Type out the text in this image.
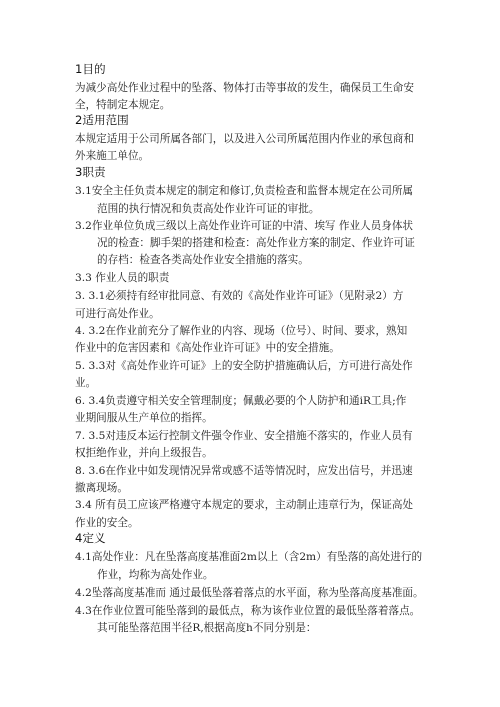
1目的
为减少高处作业过程中的坠落、物体打击等事故的发生，确保员工生命安
全，特制定本规定。
2适用范围
本规定适用于公司所属各部门，以及进入公司所属范围内作业的承包商和
外来施工单位。
3职责
3.1安全主任负责本规定的制定和修订,负责检查和监督本规定在公司所属
范围的执行情况和负责高处作业许可证的审批。
3.2作业单位负成三级以上高处作业许可证的中清、埃写 作业人员身体状
况的检查：脚手架的搭建和检查：高处作业方案的制定、作业许可证
的存档：检查各类高处作业安全措施的落实。
3.3 作业人员的职责
3. 3.1必须持有经审批同意、有效的《高处作业许可证》（见附录2）方
可进行高处作业。
4. 3.2在作业前充分了解作业的内容、现场（位号）、时间、要求，熟知
作业中的危害因素和《高处作业许可证》中的安全措施。
5. 3.3对《高处作业许可证》上的安全防护措施确认后，方可进行高处作
业。
6. 3.4负责遵守相关安全管理制度；佩戴必要的个人防护和通iR工具;作
业期间服从生产单位的指挥。
7. 3.5对违反本运行控制文件强令作业、安全措施不落实的，作业人员有
权拒绝作业，并向上级报告。
8. 3.6在作业中如发现情况异常或感不适等情况时，应发出信号，并迅速
撤离现场。
3.4 所有员工应该严格遵守本规定的要求，主动制止违章行为，保证高处
作业的安全。
4定义
4.1高处作业：凡在坠落高度基准面2m以上（含2m）有坠落的高处进行的
作业，均称为高处作业。
4.2坠落高度基准而 通过最低坠落着落点的水平面，称为坠落高度基准面。
4.3在作业位置可能坠落到的最低点，称为该作业位置的最低坠落着落点。
其可能坠落范围半径R,根据高度h不同分别是：
